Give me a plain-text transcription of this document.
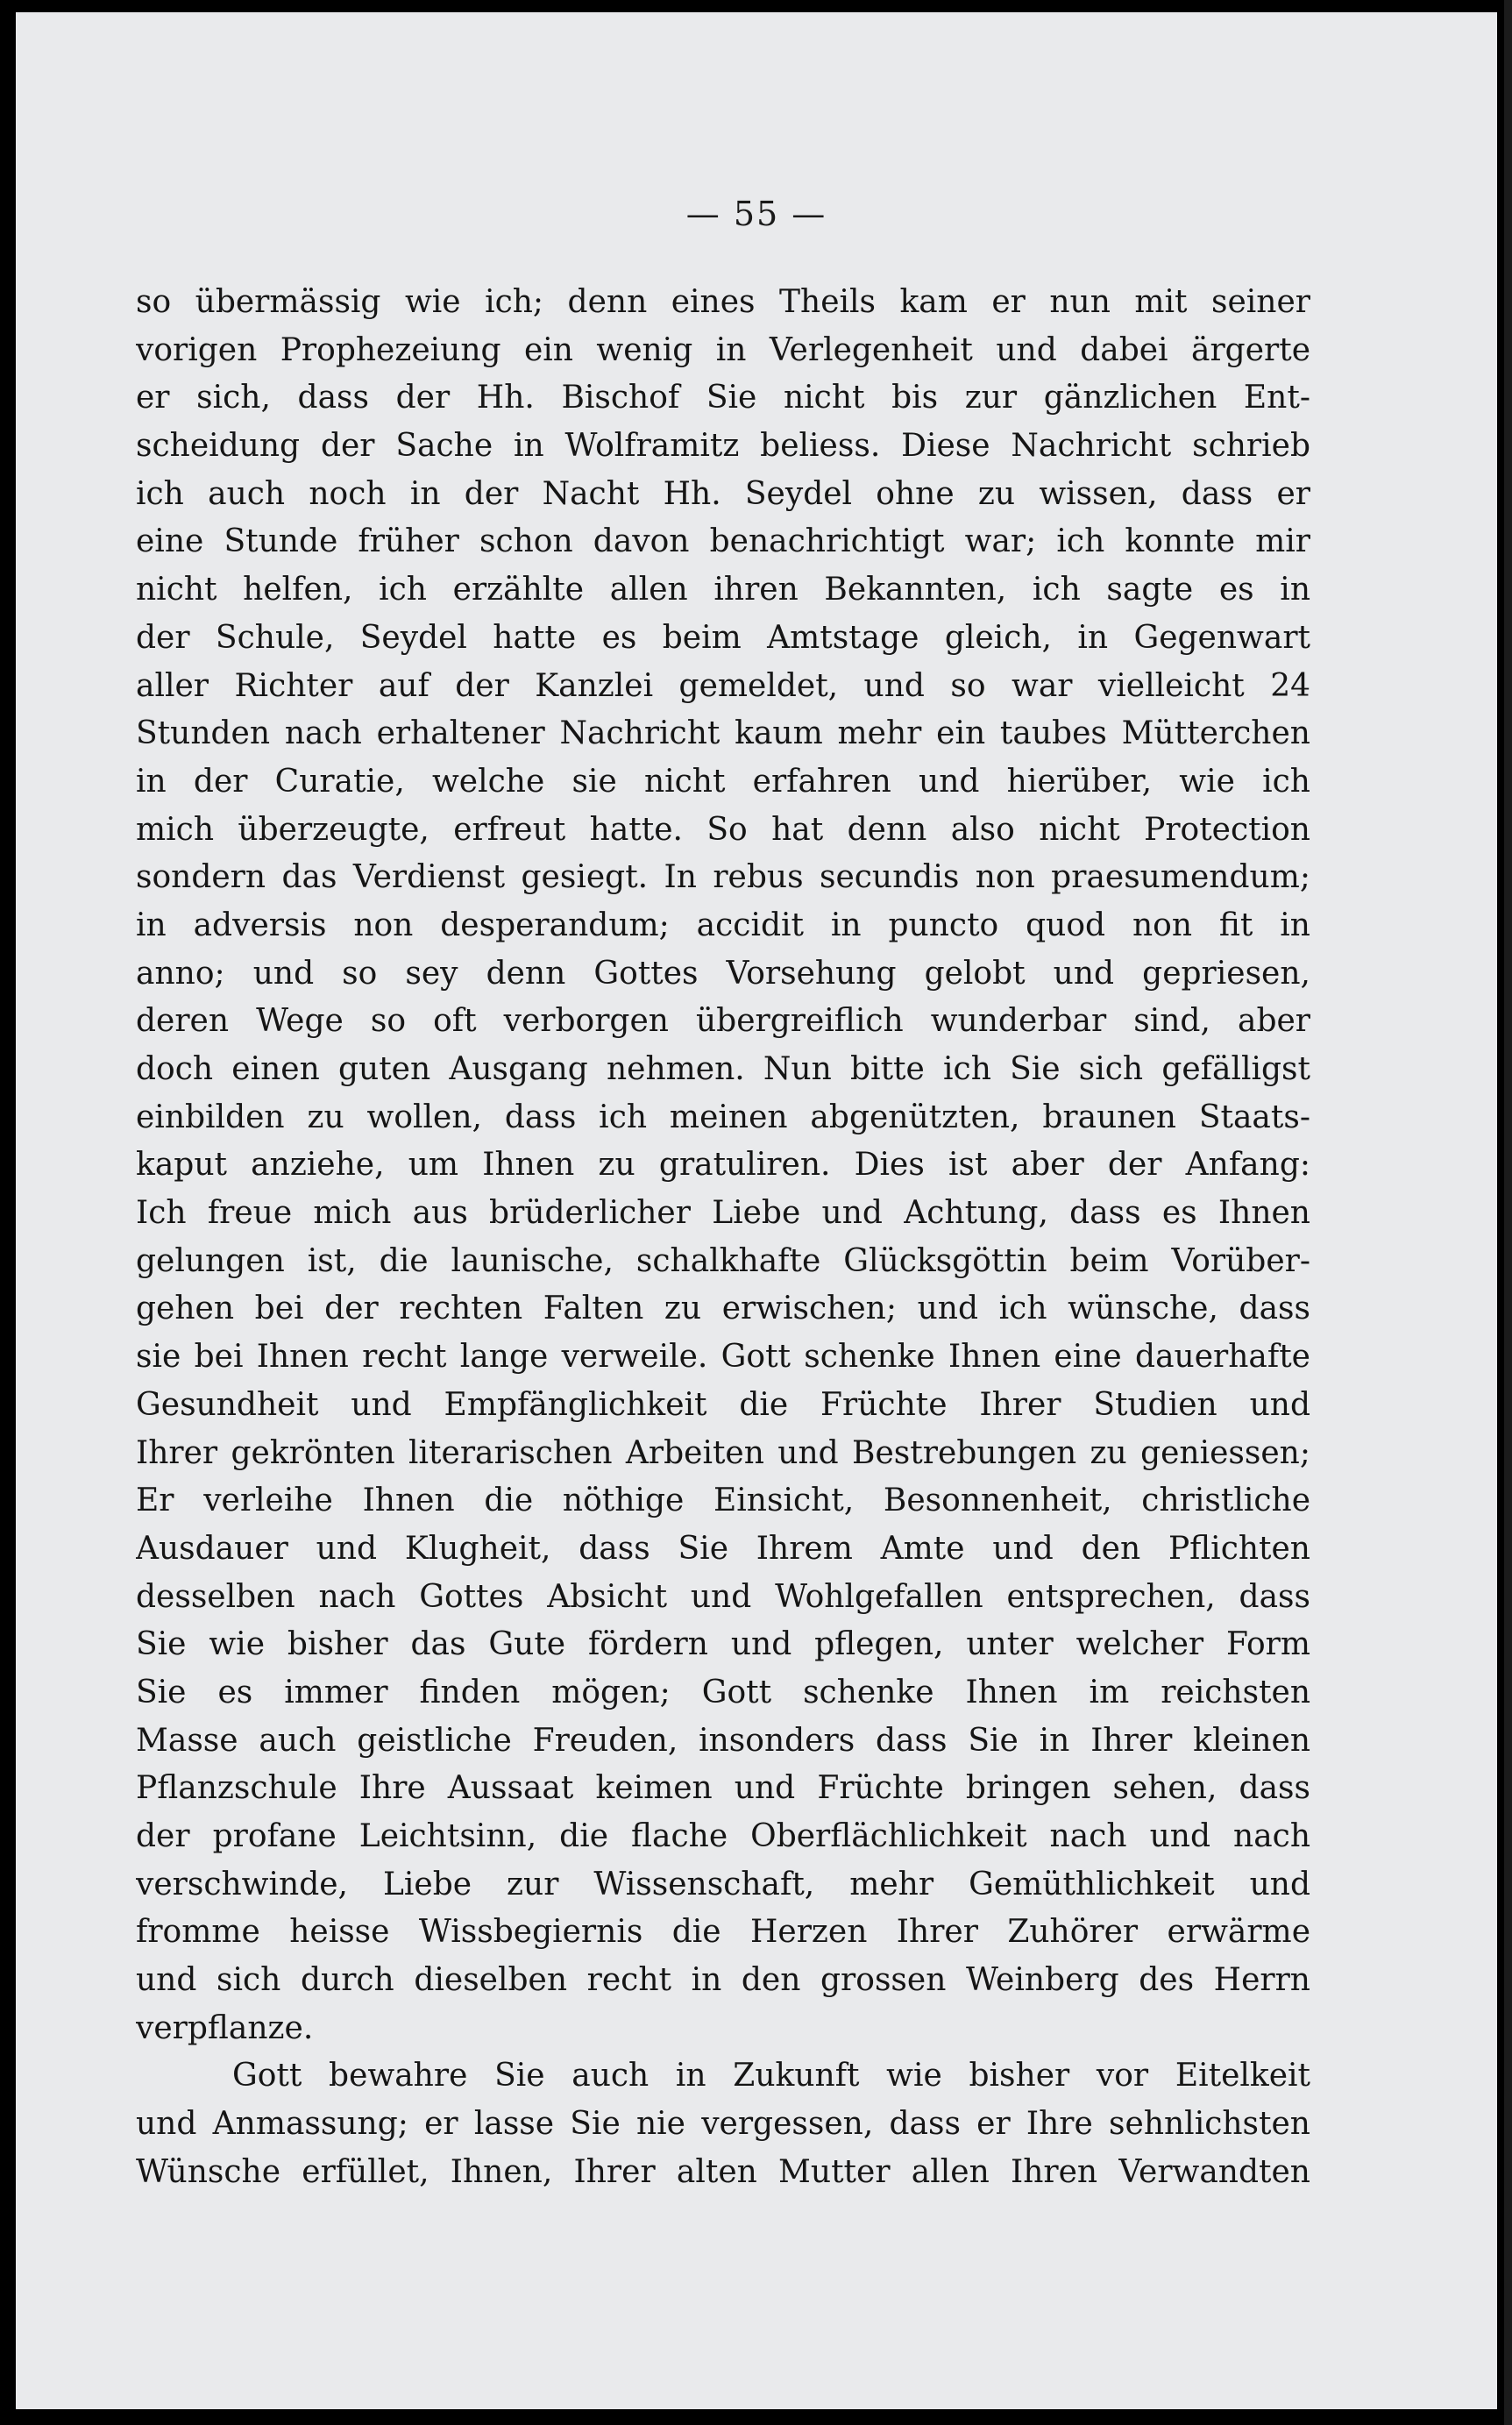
— 55 —
so übermässig wie ich; denn eines Theils kam er nun mit seiner
vorigen Prophezeiung ein wenig in Verlegenheit und dabei ärgerte
er sich, dass der Hh. Bischof Sie nicht bis zur gänzlichen Ent-
scheidung der Sache in Wolframitz beliess. Diese Nachricht schrieb
ich auch noch in der Nacht Hh. Seydel ohne zu wissen, dass er
eine Stunde früher schon davon benachrichtigt war; ich konnte mir
nicht helfen, ich erzählte allen ihren Bekannten, ich sagte es in
der Schule, Seydel hatte es beim Amtstage gleich, in Gegenwart
aller Richter auf der Kanzlei gemeldet, und so war vielleicht 24
Stunden nach erhaltener Nachricht kaum mehr ein taubes Mütterchen
in der Curatie, welche sie nicht erfahren und hierüber, wie ich
mich überzeugte, erfreut hatte. So hat denn also nicht Protection
sondern das Verdienst gesiegt. In rebus secundis non praesumendum;
in adversis non desperandum; accidit in puncto quod non fit in
anno; und so sey denn Gottes Vorsehung gelobt und gepriesen,
deren Wege so oft verborgen übergreiflich wunderbar sind, aber
doch einen guten Ausgang nehmen. Nun bitte ich Sie sich gefälligst
einbilden zu wollen, dass ich meinen abgenützten, braunen Staats-
kaput anziehe, um Ihnen zu gratuliren. Dies ist aber der Anfang:
Ich freue mich aus brüderlicher Liebe und Achtung, dass es Ihnen
gelungen ist, die launische, schalkhafte Glücksgöttin beim Vorüber-
gehen bei der rechten Falten zu erwischen; und ich wünsche, dass
sie bei Ihnen recht lange verweile. Gott schenke Ihnen eine dauerhafte
Gesundheit und Empfänglichkeit die Früchte Ihrer Studien und
Ihrer gekrönten literarischen Arbeiten und Bestrebungen zu geniessen;
Er verleihe Ihnen die nöthige Einsicht, Besonnenheit, christliche
Ausdauer und Klugheit, dass Sie Ihrem Amte und den Pflichten
desselben nach Gottes Absicht und Wohlgefallen entsprechen, dass
Sie wie bisher das Gute fördern und pflegen, unter welcher Form
Sie es immer finden mögen; Gott schenke Ihnen im reichsten
Masse auch geistliche Freuden, insonders dass Sie in Ihrer kleinen
Pflanzschule Ihre Aussaat keimen und Früchte bringen sehen, dass
der profane Leichtsinn, die flache Oberflächlichkeit nach und nach
verschwinde, Liebe zur Wissenschaft, mehr Gemüthlichkeit und
fromme heisse Wissbegiernis die Herzen Ihrer Zuhörer erwärme
und sich durch dieselben recht in den grossen Weinberg des Herrn
verpflanze.
Gott bewahre Sie auch in Zukunft wie bisher vor Eitelkeit
und Anmassung; er lasse Sie nie vergessen, dass er Ihre sehnlichsten
Wünsche erfüllet, Ihnen, Ihrer alten Mutter allen Ihren Verwandten
